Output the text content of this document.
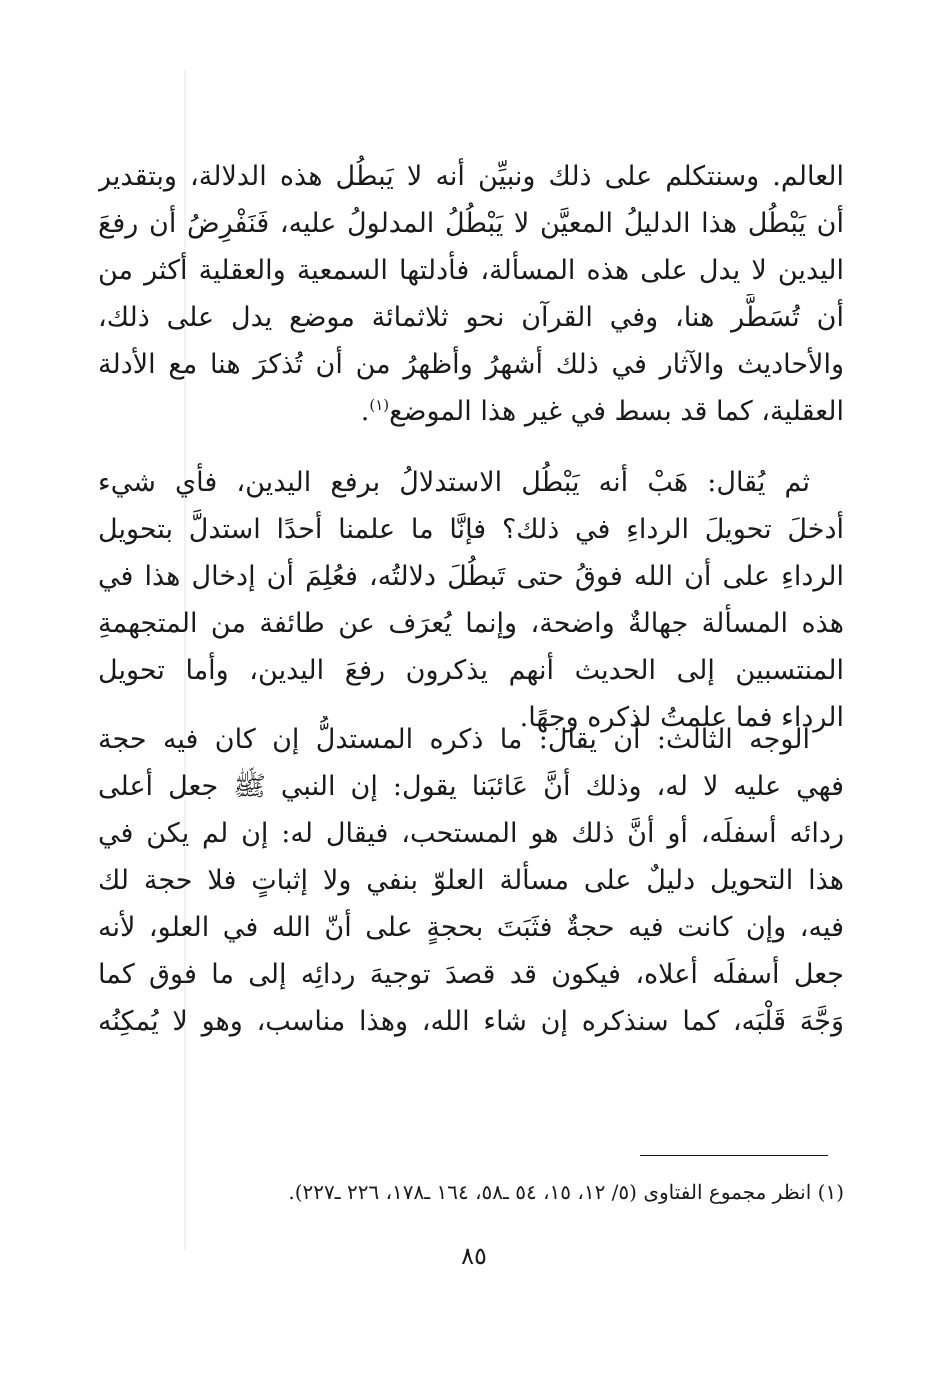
العالم. وسنتكلم على ذلك ونبيِّن أنه لا يَبطُل هذه الدلالة، وبتقدير
أن يَبْطُل هذا الدليلُ المعيَّن لا يَبْطُلُ المدلولُ عليه، فَنَفْرِضُ أن رفعَ
اليدين لا يدل على هذه المسألة، فأدلتها السمعية والعقلية أكثر من
أن تُسَطَّر هنا، وفي القرآن نحو ثلاثمائة موضع يدل على ذلك،
والأحاديث والآثار في ذلك أشهرُ وأظهرُ من أن تُذكرَ هنا مع الأدلة
العقلية، كما قد بسط في غير هذا الموضع$^{(١)}$.
ثم يُقال: هَبْ أنه يَبْطُل الاستدلالُ برفع اليدين، فأي شيء
أدخلَ تحويلَ الرداءِ في ذلك؟ فإنَّا ما علمنا أحدًا استدلَّ بتحويل
الرداءِ على أن الله فوقُ حتى تَبطُلَ دلالتُه، فعُلِمَ أن إدخال هذا في
هذه المسألة جهالةٌ واضحة، وإنما يُعرَف عن طائفة من المتجهمةِ
المنتسبين إلى الحديث أنهم يذكرون رفعَ اليدين، وأما تحويل
الرداء فما علمتُ لذكره وجهًا.
الوجه الثالث: أن يقال: ما ذكره المستدلُّ إن كان فيه حجة
فهي عليه لا له، وذلك أنَّ عَائبَنا يقول: إن النبي ﷺ جعل أعلى
ردائه أسفلَه، أو أنَّ ذلك هو المستحب، فيقال له: إن لم يكن في
هذا التحويل دليلٌ على مسألة العلوّ بنفي ولا إثباتٍ فلا حجة لك
فيه، وإن كانت فيه حجةٌ فثَبَتَ بحجةٍ على أنّ الله في العلو، لأنه
جعل أسفلَه أعلاه، فيكون قد قصدَ توجيهَ ردائِه إلى ما فوق كما
وَجَّهَ قَلْبَه، كما سنذكره إن شاء الله، وهذا مناسب، وهو لا يُمكِنُه
(١) انظر مجموع الفتاوى (٥/ ١٢، ١٥، ٥٤ ـ٥٨، ١٦٤ ـ١٧٨، ٢٢٦ ـ٢٢٧).
٨٥
